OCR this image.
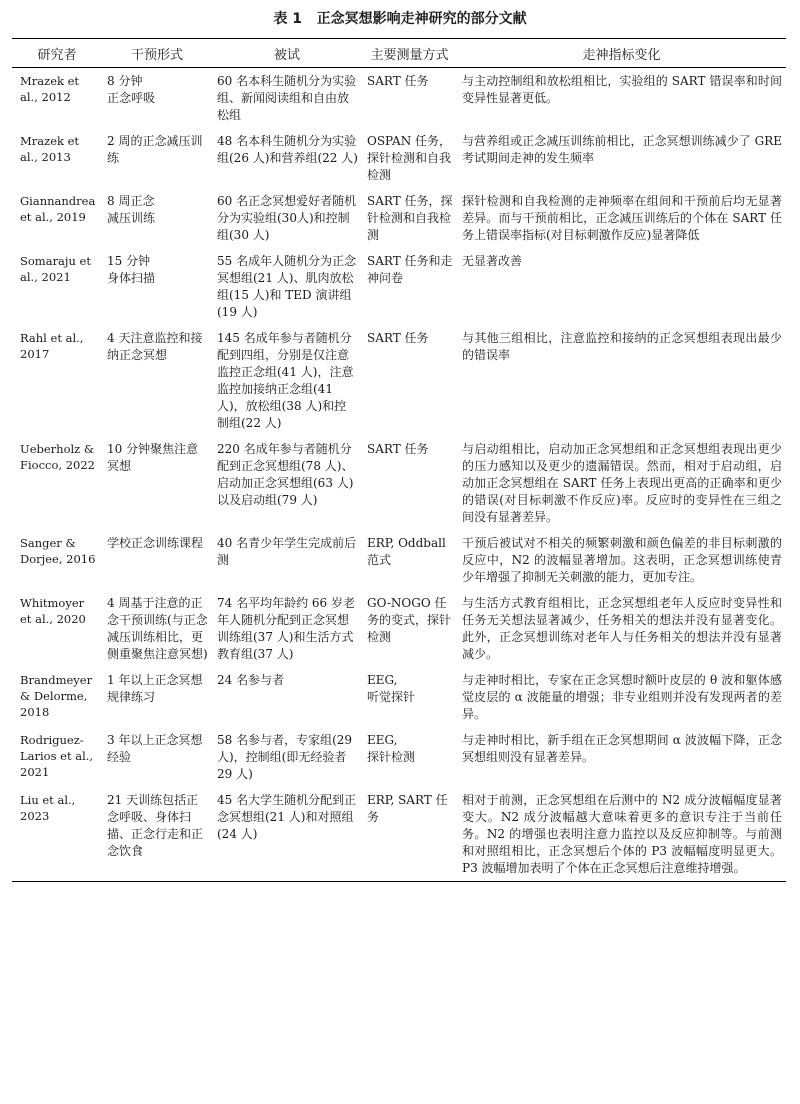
表 1 正念冥想影响走神研究的部分文献
研究者	干预形式	被试	主要测量方式	走神指标变化
Mrazek et al., 2012	8 分钟
正念呼吸	60 名本科生随机分为实验组、新闻阅读组和自由放松组	SART 任务	与主动控制组和放松组相比，实验组的 SART 错误率和时间变异性显著更低。
Mrazek et al., 2013	2 周的正念减压训练	48 名本科生随机分为实验组(26 人)和营养组(22 人)	OSPAN 任务，探针检测和自我检测	与营养组或正念减压训练前相比，正念冥想训练减少了 GRE 考试期间走神的发生频率
Giannandrea et al., 2019	8 周正念
减压训练	60 名正念冥想爱好者随机分为实验组(30人)和控制组(30 人)	SART 任务，探针检测和自我检测	探针检测和自我检测的走神频率在组间和干预前后均无显著差异。而与干预前相比，正念减压训练后的个体在 SART 任务上错误率指标(对目标刺激作反应)显著降低
Somaraju et al., 2021	15 分钟
身体扫描	55 名成年人随机分为正念冥想组(21 人)、肌肉放松组(15 人)和 TED 演讲组(19 人)	SART 任务和走神问卷	无显著改善
Rahl et al., 2017	4 天注意监控和接纳正念冥想	145 名成年参与者随机分配到四组，分别是仅注意监控正念组(41 人)，注意监控加接纳正念组(41 人)，放松组(38 人)和控制组(22 人)	SART 任务	与其他三组相比，注意监控和接纳的正念冥想组表现出最少的错误率
Ueberholz & Fiocco, 2022	10 分钟聚焦注意冥想	220 名成年参与者随机分配到正念冥想组(78 人)、启动加正念冥想组(63 人)以及启动组(79 人)	SART 任务	与启动组相比，启动加正念冥想组和正念冥想组表现出更少的压力感知以及更少的遗漏错误。然而，相对于启动组，启动加正念冥想组在 SART 任务上表现出更高的正确率和更少的错误(对目标刺激不作反应)率。反应时的变异性在三组之间没有显著差异。
Sanger & Dorjee, 2016	学校正念训练课程	40 名青少年学生完成前后测	ERP, Oddball 范式	干预后被试对不相关的频繁刺激和颜色偏差的非目标刺激的反应中，N2 的波幅显著增加。这表明，正念冥想训练使青少年增强了抑制无关刺激的能力，更加专注。
Whitmoyer et al., 2020	4 周基于注意的正念干预训练(与正念减压训练相比，更侧重聚焦注意冥想)	74 名平均年龄约 66 岁老年人随机分配到正念冥想训练组(37 人)和生活方式教育组(37 人)	GO-NOGO 任务的变式，探针检测	与生活方式教育组相比，正念冥想组老年人反应时变异性和任务无关想法显著减少，任务相关的想法并没有显著变化。此外，正念冥想训练对老年人与任务相关的想法并没有显著减少。
Brandmeyer & Delorme, 2018	1 年以上正念冥想规律练习	24 名参与者	EEG,
听觉探针	与走神时相比，专家在正念冥想时额叶皮层的 θ 波和躯体感觉皮层的 α 波能量的增强；非专业组则并没有发现两者的差异。
Rodriguez-Larios et al., 2021	3 年以上正念冥想经验	58 名参与者，专家组(29 人)，控制组(即无经验者 29 人)	EEG,
探针检测	与走神时相比，新手组在正念冥想期间 α 波波幅下降，正念冥想组则没有显著差异。
Liu et al., 2023	21 天训练包括正念呼吸、身体扫描、正念行走和正念饮食	45 名大学生随机分配到正念冥想组(21 人)和对照组(24 人)	ERP, SART 任务	相对于前测，正念冥想组在后测中的 N2 成分波幅幅度显著变大。N2 成分波幅越大意味着更多的意识专注于当前任务。N2 的增强也表明注意力监控以及反应抑制等。与前测和对照组相比，正念冥想后个体的 P3 波幅幅度明显更大。P3 波幅增加表明了个体在正念冥想后注意维持增强。
